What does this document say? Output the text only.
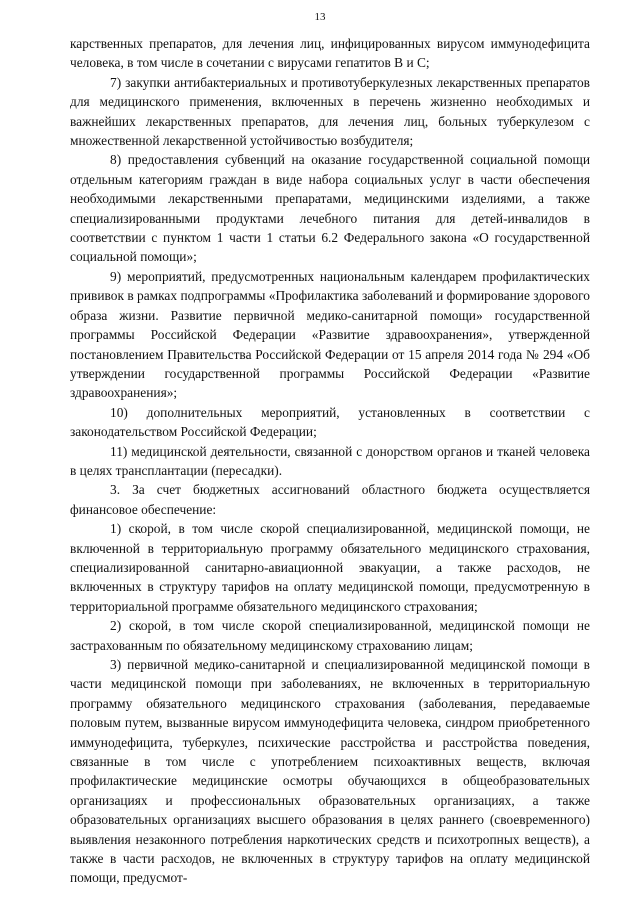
13

карственных препаратов, для лечения лиц, инфицированных вирусом иммунодефицита человека, в том числе в сочетании с вирусами гепатитов В и С;

7) закупки антибактериальных и противотуберкулезных лекарственных препаратов для медицинского применения, включенных в перечень жизненно необходимых и важнейших лекарственных препаратов, для лечения лиц, больных туберкулезом с множественной лекарственной устойчивостью возбудителя;

8) предоставления субвенций на оказание государственной социальной помощи отдельным категориям граждан в виде набора социальных услуг в части обеспечения необходимыми лекарственными препаратами, медицинскими изделиями, а также специализированными продуктами лечебного питания для детей-инвалидов в соответствии с пунктом 1 части 1 статьи 6.2 Федерального закона «О государственной социальной помощи»;

9) мероприятий, предусмотренных национальным календарем профилактических прививок в рамках подпрограммы «Профилактика заболеваний и формирование здорового образа жизни. Развитие первичной медико-санитарной помощи» государственной программы Российской Федерации «Развитие здравоохранения», утвержденной постановлением Правительства Российской Федерации от 15 апреля 2014 года № 294 «Об утверждении государственной программы Российской Федерации «Развитие здравоохранения»;

10) дополнительных мероприятий, установленных в соответствии с законодательством Российской Федерации;

11) медицинской деятельности, связанной с донорством органов и тканей человека в целях трансплантации (пересадки).

3. За счет бюджетных ассигнований областного бюджета осуществляется финансовое обеспечение:

1) скорой, в том числе скорой специализированной, медицинской помощи, не включенной в территориальную программу обязательного медицинского страхования, специализированной санитарно-авиационной эвакуации, а также расходов, не включенных в структуру тарифов на оплату медицинской помощи, предусмотренную в территориальной программе обязательного медицинского страхования;

2) скорой, в том числе скорой специализированной, медицинской помощи не застрахованным по обязательному медицинскому страхованию лицам;

3) первичной медико-санитарной и специализированной медицинской помощи в части медицинской помощи при заболеваниях, не включенных в территориальную программу обязательного медицинского страхования (заболевания, передаваемые половым путем, вызванные вирусом иммунодефицита человека, синдром приобретенного иммунодефицита, туберкулез, психические расстройства и расстройства поведения, связанные в том числе с употреблением психоактивных веществ, включая профилактические медицинские осмотры обучающихся в общеобразовательных организациях и профессиональных образовательных организациях, а также образовательных организациях высшего образования в целях раннего (своевременного) выявления незаконного потребления наркотических средств и психотропных веществ), а также в части расходов, не включенных в структуру тарифов на оплату медицинской помощи, предусмот-
